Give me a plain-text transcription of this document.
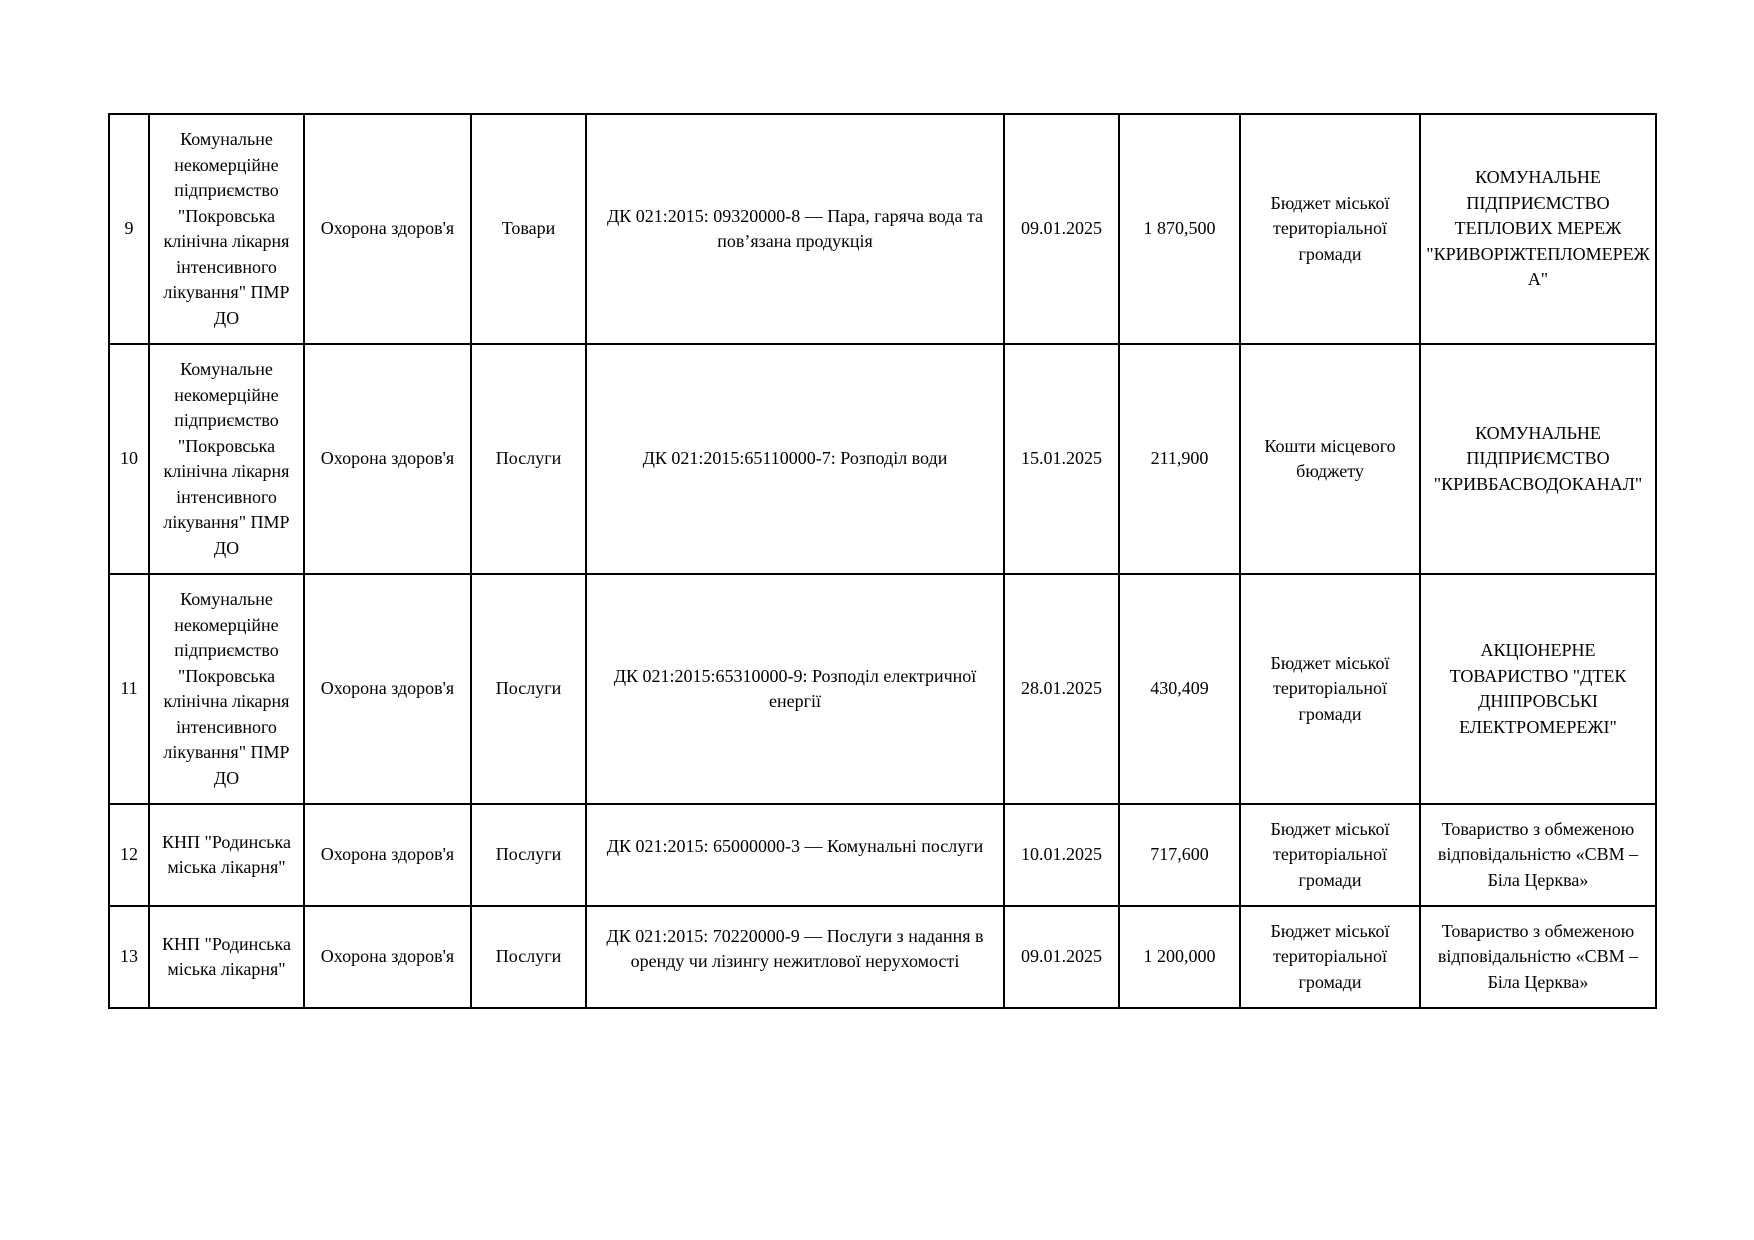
9	Комунальне некомерційне підприємство "Покровська клінічна лікарня інтенсивного лікування" ПМР ДО	Охорона здоров'я	Товари	ДК 021:2015: 09320000-8 — Пара, гаряча вода та пов’язана продукція	09.01.2025	1 870,500	Бюджет міської територіальної громади	КОМУНАЛЬНЕ ПІДПРИЄМСТВО ТЕПЛОВИХ МЕРЕЖ "КРИВОРІЖТЕПЛОМЕРЕЖА"
10	Комунальне некомерційне підприємство "Покровська клінічна лікарня інтенсивного лікування" ПМР ДО	Охорона здоров'я	Послуги	ДК 021:2015:65110000-7: Розподіл води	15.01.2025	211,900	Кошти місцевого бюджету	КОМУНАЛЬНЕ ПІДПРИЄМСТВО "КРИВБАСВОДОКАНАЛ"
11	Комунальне некомерційне підприємство "Покровська клінічна лікарня інтенсивного лікування" ПМР ДО	Охорона здоров'я	Послуги	ДК 021:2015:65310000-9: Розподіл електричної енергії	28.01.2025	430,409	Бюджет міської територіальної громади	АКЦІОНЕРНЕ ТОВАРИСТВО "ДТЕК ДНІПРОВСЬКІ ЕЛЕКТРОМЕРЕЖІ"
12	КНП "Родинська міська лікарня"	Охорона здоров'я	Послуги	ДК 021:2015: 65000000-3 — Комунальні послуги	10.01.2025	717,600	Бюджет міської територіальної громади	Товариство з обмеженою відповідальністю «СВМ – Біла Церква»
13	КНП "Родинська міська лікарня"	Охорона здоров'я	Послуги	ДК 021:2015: 70220000-9 — Послуги з надання в оренду чи лізингу нежитлової нерухомості	09.01.2025	1 200,000	Бюджет міської територіальної громади	Товариство з обмеженою відповідальністю «СВМ – Біла Церква»
